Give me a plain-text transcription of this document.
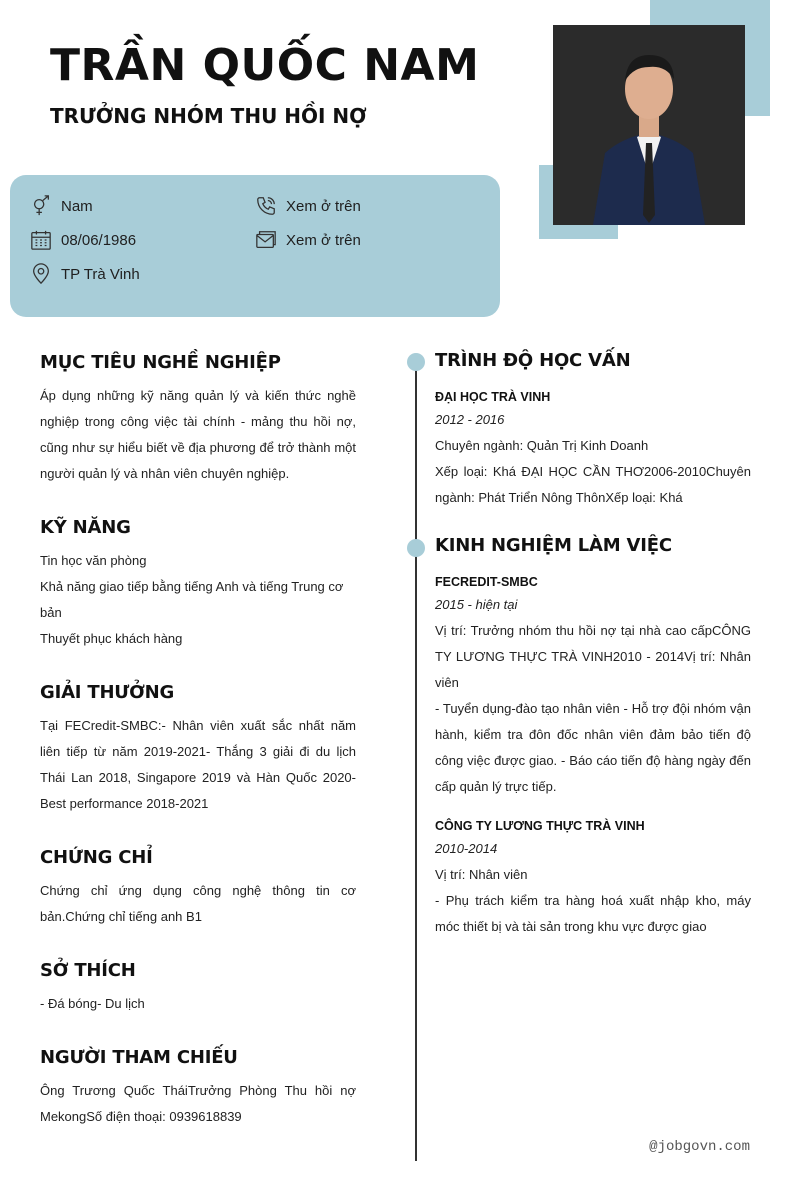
TRẦN QUỐC NAM
TRƯỞNG NHÓM THU HỒI NỢ
Nam
08/06/1986
TP Trà Vinh
Xem ở trên
Xem ở trên
MỤC TIÊU NGHỀ NGHIỆP
Áp dụng những kỹ năng quản lý và kiến thức nghề nghiệp trong công việc tài chính - mảng thu hồi nợ, cũng như sự hiểu biết về địa phương để trở thành một người quản lý và nhân viên chuyên nghiệp.
KỸ NĂNG
Tin học văn phòng
Khả năng giao tiếp bằng tiếng Anh và tiếng Trung cơ bản
Thuyết phục khách hàng
GIẢI THƯỞNG
Tại FECredit-SMBC:- Nhân viên xuất sắc nhất năm liên tiếp từ năm 2019-2021- Thắng 3 giải đi du lịch Thái Lan 2018, Singapore 2019 và Hàn Quốc 2020- Best performance 2018-2021
CHỨNG CHỈ
Chứng chỉ ứng dụng công nghệ thông tin cơ bản.Chứng chỉ tiếng anh B1
SỞ THÍCH
- Đá bóng- Du lịch
NGƯỜI THAM CHIẾU
Ông Trương Quốc TháiTrưởng Phòng Thu hồi nợ MekongSố điện thoại: 0939618839
TRÌNH ĐỘ HỌC VẤN
ĐẠI HỌC TRÀ VINH
2012 - 2016
Chuyên ngành: Quản Trị Kinh Doanh
Xếp loại: Khá ĐẠI HỌC CẦN THƠ2006-2010Chuyên ngành: Phát Triển Nông ThônXếp loại: Khá
KINH NGHIỆM LÀM VIỆC
FECREDIT-SMBC
2015 - hiện tại
Vị trí: Trưởng nhóm thu hồi nợ tại nhà cao cấpCÔNG TY LƯƠNG THỰC TRÀ VINH2010 - 2014Vị trí: Nhân viên
- Tuyển dụng-đào tạo nhân viên - Hỗ trợ đội nhóm vận hành, kiểm tra đôn đốc nhân viên đảm bảo tiến độ công việc được giao. - Báo cáo tiến độ hàng ngày đến cấp quản lý trực tiếp.
CÔNG TY LƯƠNG THỰC TRÀ VINH
2010-2014
Vị trí: Nhân viên
- Phụ trách kiểm tra hàng hoá xuất nhập kho, máy móc thiết bị và tài sản trong khu vực được giao
@jobgovn.com
